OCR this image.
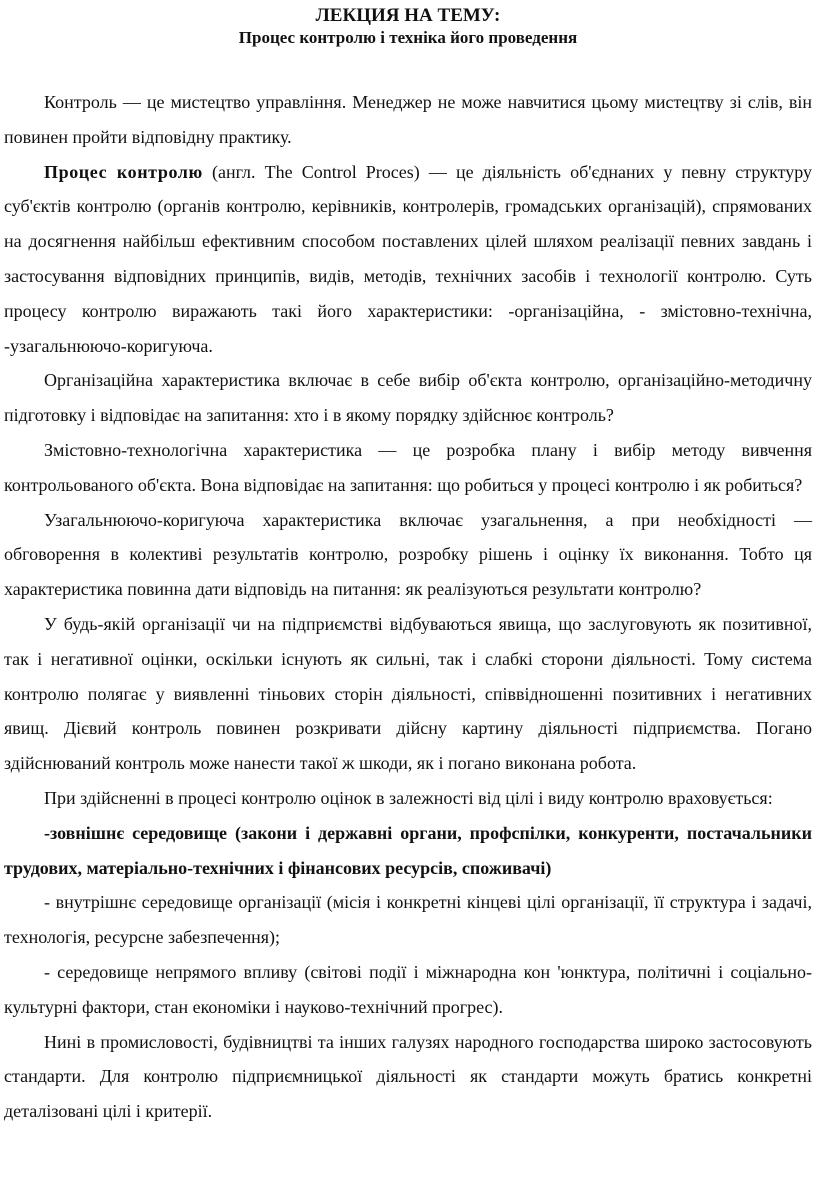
ЛЕКЦИЯ НА ТЕМУ:
Процес контролю і техніка його проведення

Контроль — це мистецтво управління. Менеджер не може навчитися цьому мистецтву зі слів, він повинен пройти відповідну практику.

Процес контролю (англ. The Control Proces) — це діяльність об'єднаних у певну структуру суб'єктів контролю (органів контролю, керівників, контролерів, громадських організацій), спрямованих на досягнення найбільш ефективним способом поставлених цілей шляхом реалізації певних завдань і застосування відповідних принципів, видів, методів, технічних засобів і технології контролю. Суть процесу контролю виражають такі його характеристики: -організаційна, - змістовно-технічна, -узагальнюючо-коригуюча.

Організаційна характеристика включає в себе вибір об'єкта контролю, організаційно-методичну підготовку і відповідає на запитання: хто і в якому порядку здійснює контроль?

Змістовно-технологічна характеристика — це розробка плану і вибір методу вивчення контрольованого об'єкта. Вона відповідає на запитання: що робиться у процесі контролю і як робиться?

Узагальнюючо-коригуюча характеристика включає узагальнення, а при необхідності — обговорення в колективі результатів контролю, розробку рішень і оцінку їх виконання. Тобто ця характеристика повинна дати відповідь на питання: як реалізуються результати контролю?

У будь-якій організації чи на підприємстві відбуваються явища, що заслуговують як позитивної, так і негативної оцінки, оскільки існують як сильні, так і слабкі сторони діяльності. Тому система контролю полягає у виявленні тіньових сторін діяльності, співвідношенні позитивних і негативних явищ. Дієвий контроль повинен розкривати дійсну картину діяльності підприємства. Погано здійснюваний контроль може нанести такої ж шкоди, як і погано виконана робота.

При здійсненні в процесі контролю оцінок в залежності від цілі і виду контролю враховується:

-зовнішнє середовище (закони і державні органи, профспілки, конкуренти, постачальники трудових, матеріально-технічних і фінансових ресурсів, споживачі)

- внутрішнє середовище організації (місія і конкретні кінцеві цілі організації, її структура і задачі, технологія, ресурсне забезпечення);

- середовище непрямого впливу (світові події і міжнародна кон 'юнктура, політичні і соціально-культурні фактори, стан економіки і науково-технічний прогрес).

Нині в промисловості, будівництві та інших галузях народного господарства широко застосовують стандарти. Для контролю підприємницької діяльності як стандарти можуть братись конкретні деталізовані цілі і критерії.
